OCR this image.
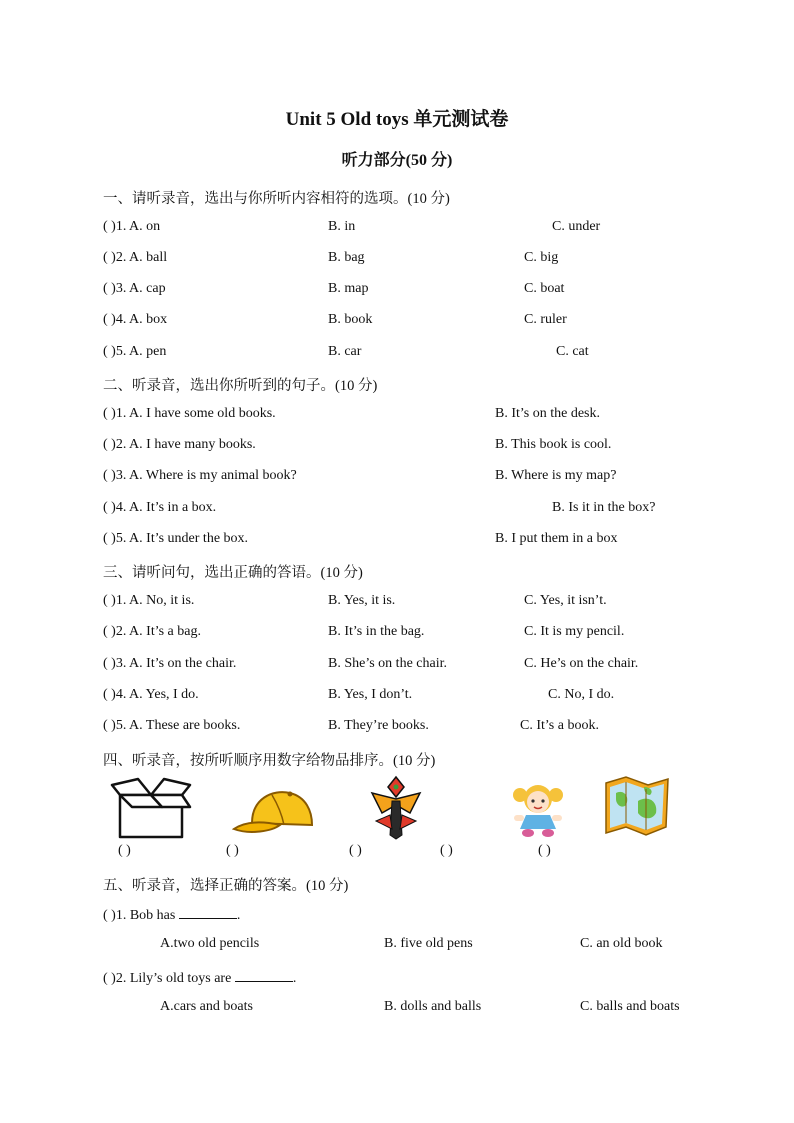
Unit 5 Old toys 单元测试卷
听力部分(50 分)
一、请听录音，选出与你所听内容相符的选项。(10 分)
( )1. A. on	B. in	C. under
( )2. A. ball	B. bag	C. big
( )3. A. cap	B. map	C. boat
( )4. A. box	B. book	C. ruler
( )5. A. pen	B. car	C. cat
二、听录音，选出你所听到的句子。(10 分)
( )1. A. I have some old books.	B. It’s on the desk.
( )2. A. I have many books.	B. This book is cool.
( )3. A. Where is my animal book?	B. Where is my map?
( )4. A. It’s in a box.	B. Is it in the box?
( )5. A. It’s under the box.	B. I put them in a box
三、请听问句，选出正确的答语。(10 分)
( )1. A. No, it is.	B. Yes, it is.	C. Yes, it isn’t.
( )2. A. It’s a bag.	B. It’s in the bag.	C. It is my pencil.
( )3. A. It’s on the chair.	B. She’s on the chair.	C. He’s on the chair.
( )4. A. Yes, I do.	B. Yes, I don’t.	C. No, I do.
( )5. A. These are books.	B. They’re books.	C. It’s a book.
四、听录音，按所听顺序用数字给物品排序。(10 分)
( )	( )	( )	( )	( )
五、听录音，选择正确的答案。(10 分)
( )1. Bob has	.
A.two old pencils	B. five old pens	C. an old book
( )2. Lily’s old toys are	.
A.cars and boats	B. dolls and balls	C. balls and boats
